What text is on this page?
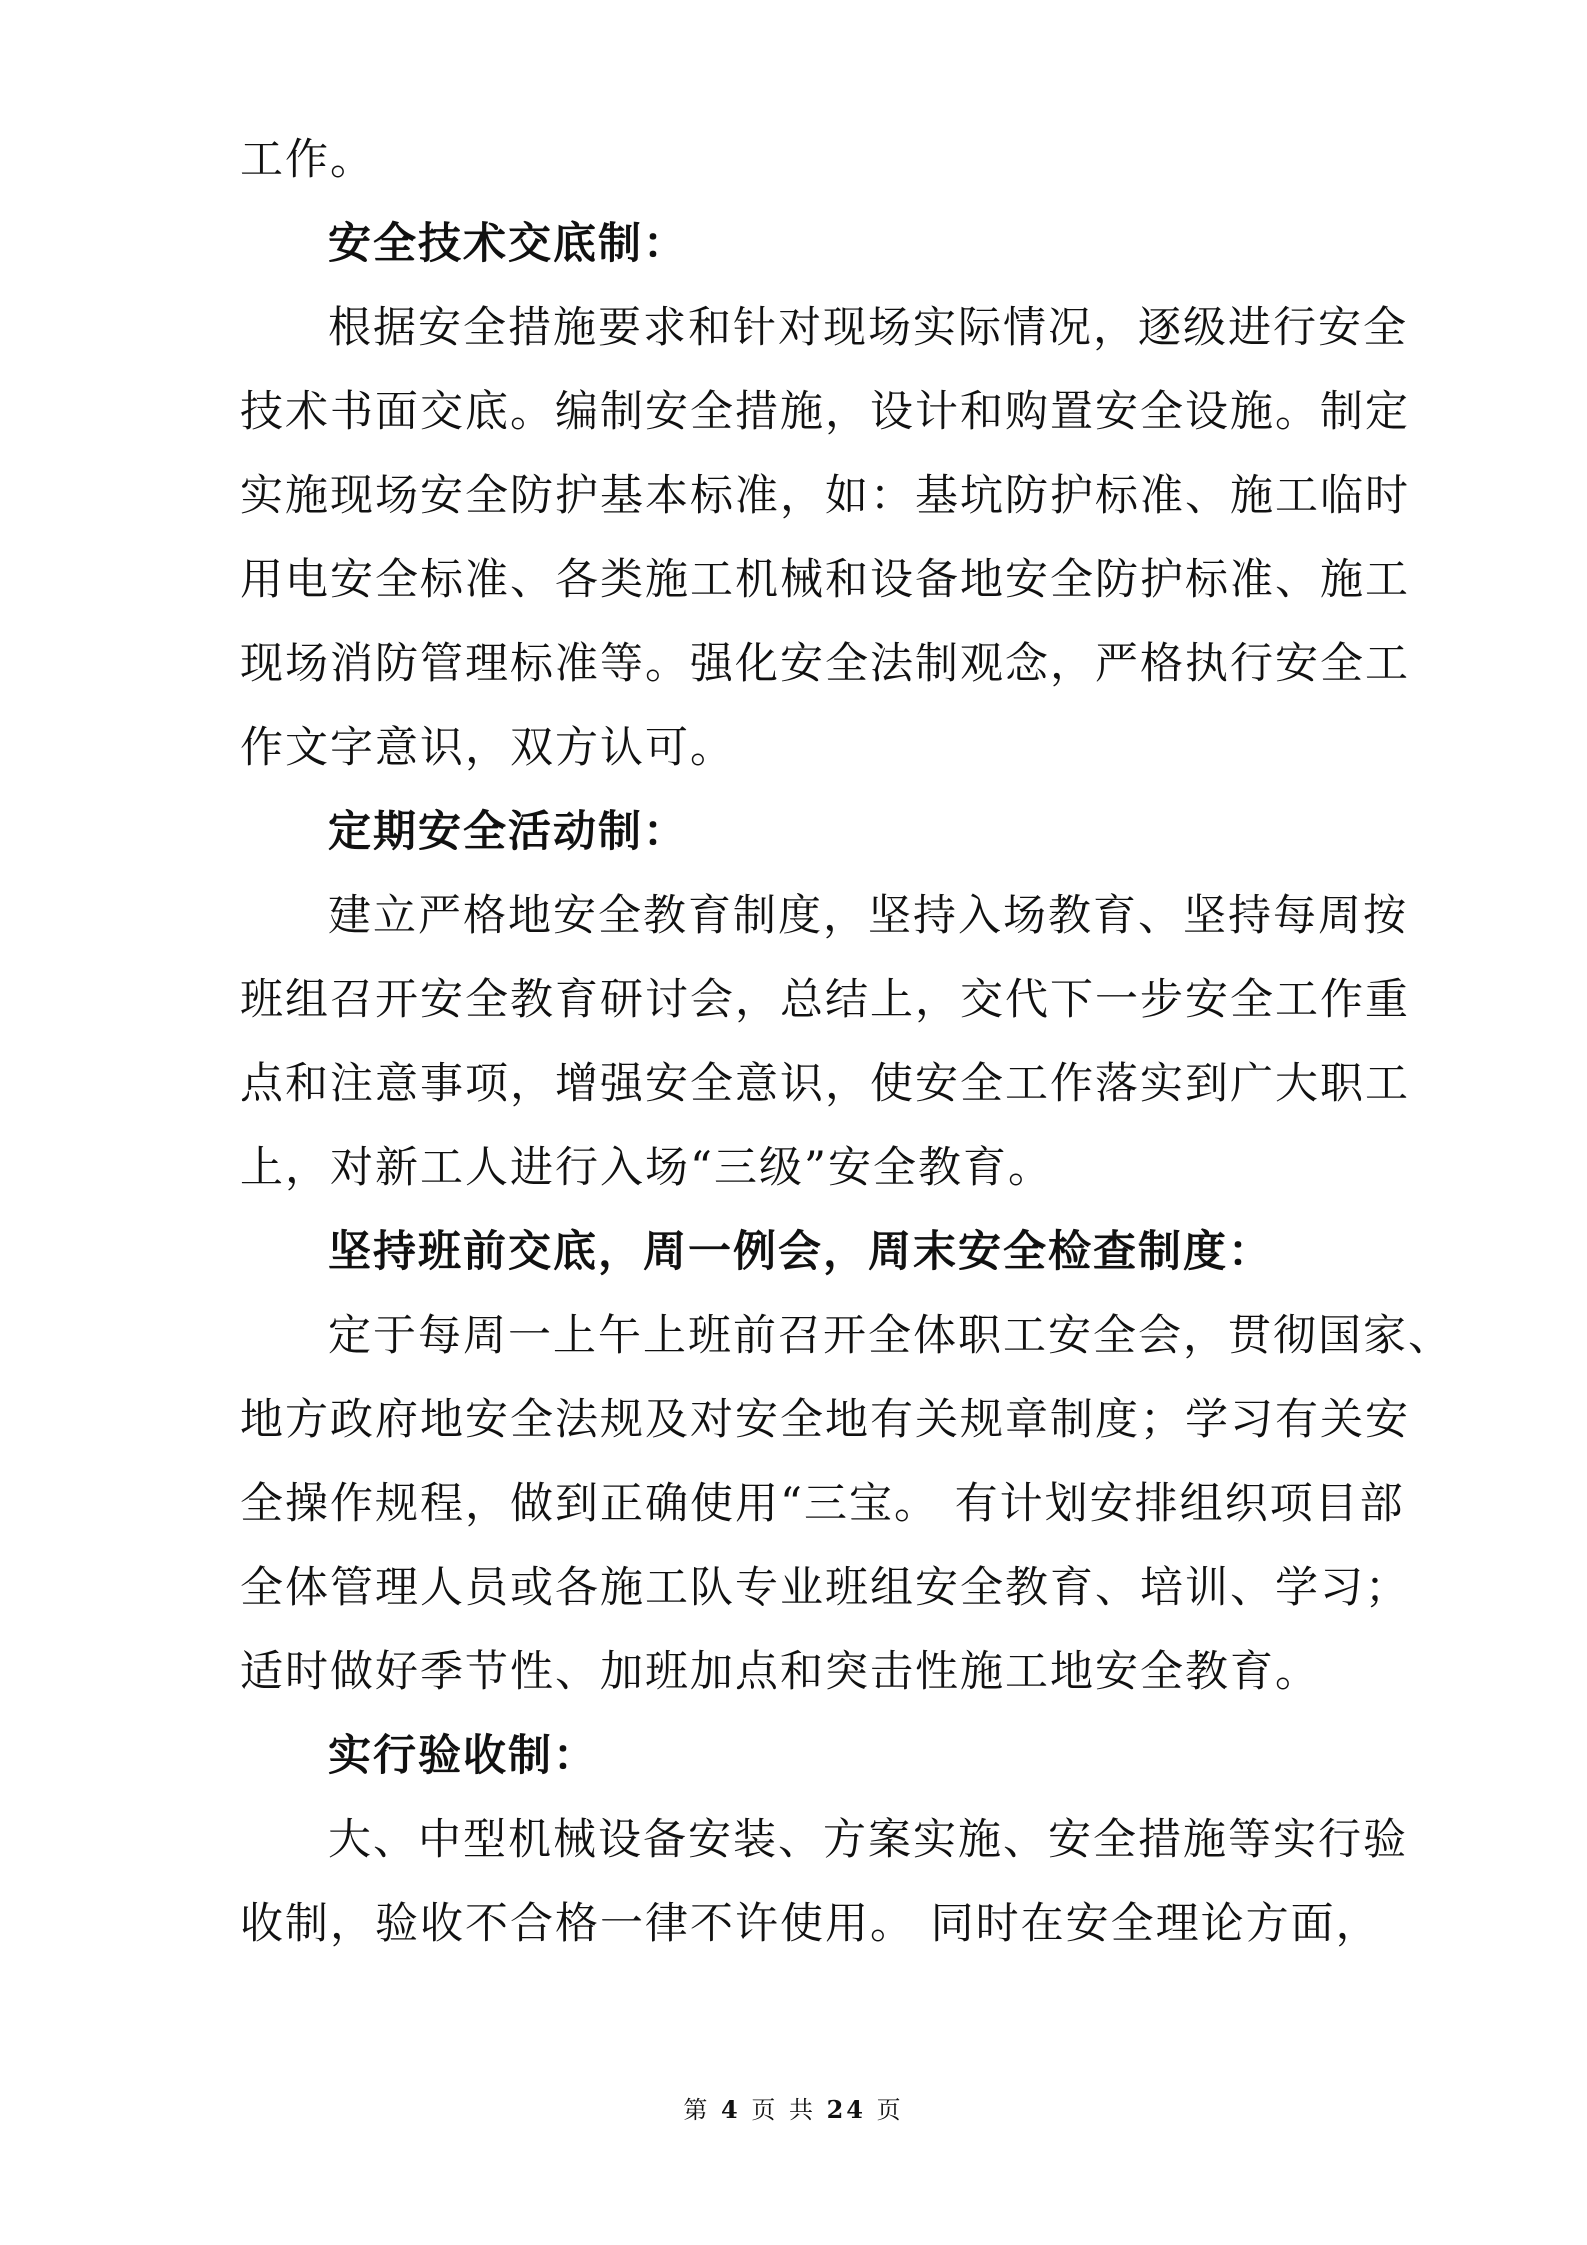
工作。
安全技术交底制：
根据安全措施要求和针对现场实际情况，逐级进行安全
技术书面交底。编制安全措施，设计和购置安全设施。制定
实施现场安全防护基本标准，如：基坑防护标准、施工临时
用电安全标准、各类施工机械和设备地安全防护标准、施工
现场消防管理标准等。强化安全法制观念，严格执行安全工
作文字意识，双方认可。
定期安全活动制：
建立严格地安全教育制度，坚持入场教育、坚持每周按
班组召开安全教育研讨会，总结上，交代下一步安全工作重
点和注意事项，增强安全意识，使安全工作落实到广大职工
上，对新工人进行入场“三级”安全教育。
坚持班前交底，周一例会，周末安全检查制度：
定于每周一上午上班前召开全体职工安全会，贯彻国家、
地方政府地安全法规及对安全地有关规章制度；学习有关安
全操作规程，做到正确使用“三宝。 有计划安排组织项目部
全体管理人员或各施工队专业班组安全教育、培训、学习；
适时做好季节性、加班加点和突击性施工地安全教育。
实行验收制：
大、中型机械设备安装、方案实施、安全措施等实行验
收制，验收不合格一律不许使用。 同时在安全理论方面，
第 4 页 共 24 页
